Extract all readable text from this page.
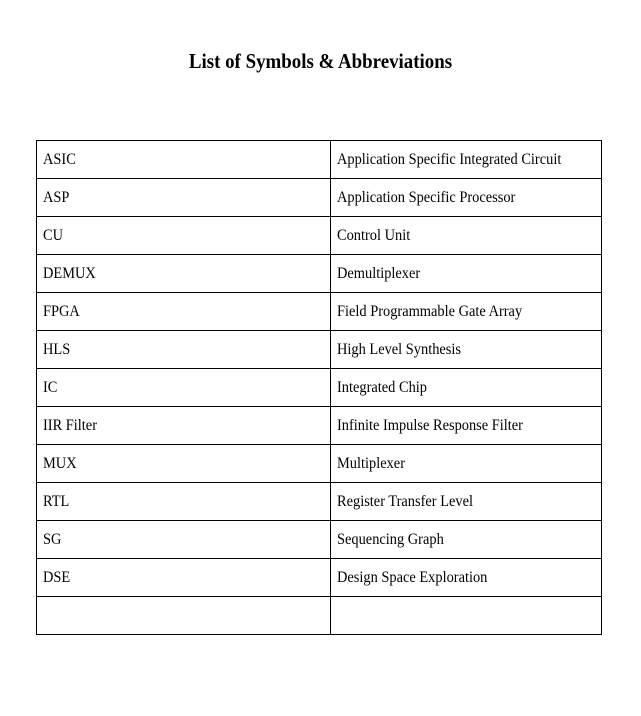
List of Symbols & Abbreviations
ASIC	Application Specific Integrated Circuit
ASP	Application Specific Processor
CU	Control Unit
DEMUX	Demultiplexer
FPGA	Field Programmable Gate Array
HLS	High Level Synthesis
IC	Integrated Chip
IIR Filter	Infinite Impulse Response Filter
MUX	Multiplexer
RTL	Register Transfer Level
SG	Sequencing Graph
DSE	Design Space Exploration
